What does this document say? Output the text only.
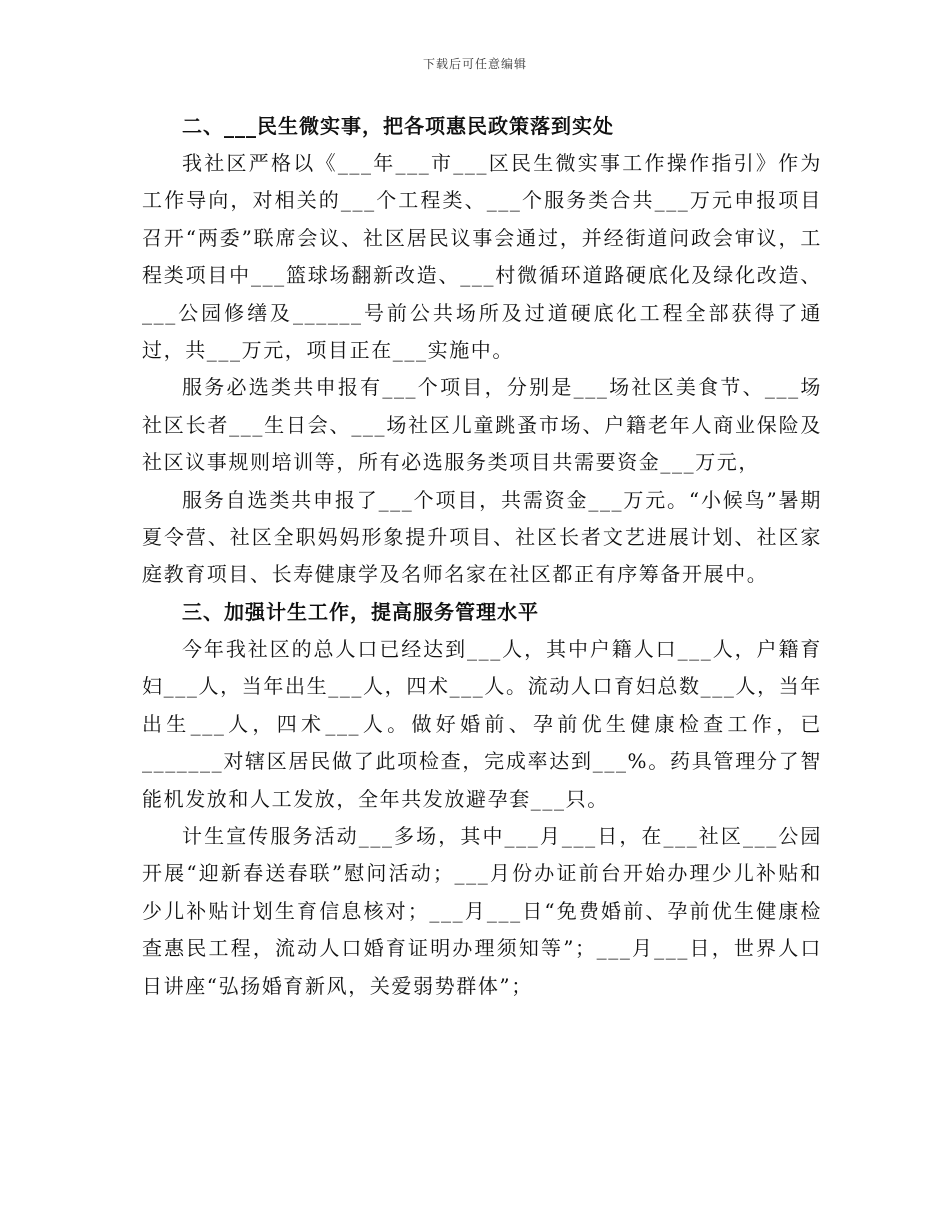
下载后可任意编辑
二、___民生微实事，把各项惠民政策落到实处

我社区严格以《___年___市___区民生微实事工作操作指引》作为工作导向，对相关的___个工程类、___个服务类合共___万元申报项目召开“两委”联席会议、社区居民议事会通过，并经街道问政会审议，工程类项目中___篮球场翻新改造、___村微循环道路硬底化及绿化改造、___公园修缮及______号前公共场所及过道硬底化工程全部获得了通过，共___万元，项目正在___实施中。

服务必选类共申报有___个项目，分别是___场社区美食节、___场社区长者___生日会、___场社区儿童跳蚤市场、户籍老年人商业保险及社区议事规则培训等，所有必选服务类项目共需要资金___万元，

服务自选类共申报了___个项目，共需资金___万元。“小候鸟”暑期夏令营、社区全职妈妈形象提升项目、社区长者文艺进展计划、社区家庭教育项目、长寿健康学及名师名家在社区都正有序筹备开展中。

三、加强计生工作，提高服务管理水平

今年我社区的总人口已经达到___人，其中户籍人口___人，户籍育妇___人，当年出生___人，四术___人。流动人口育妇总数___人，当年出生___人，四术___人。做好婚前、孕前优生健康检查工作，已_______对辖区居民做了此项检查，完成率达到___%。药具管理分了智能机发放和人工发放，全年共发放避孕套___只。

计生宣传服务活动___多场，其中___月___日，在___社区___公园开展“迎新春送春联”慰问活动；___月份办证前台开始办理少儿补贴和少儿补贴计划生育信息核对；___月___日“免费婚前、孕前优生健康检查惠民工程，流动人口婚育证明办理须知等”；___月___日，世界人口日讲座“弘扬婚育新风，关爱弱势群体”；
